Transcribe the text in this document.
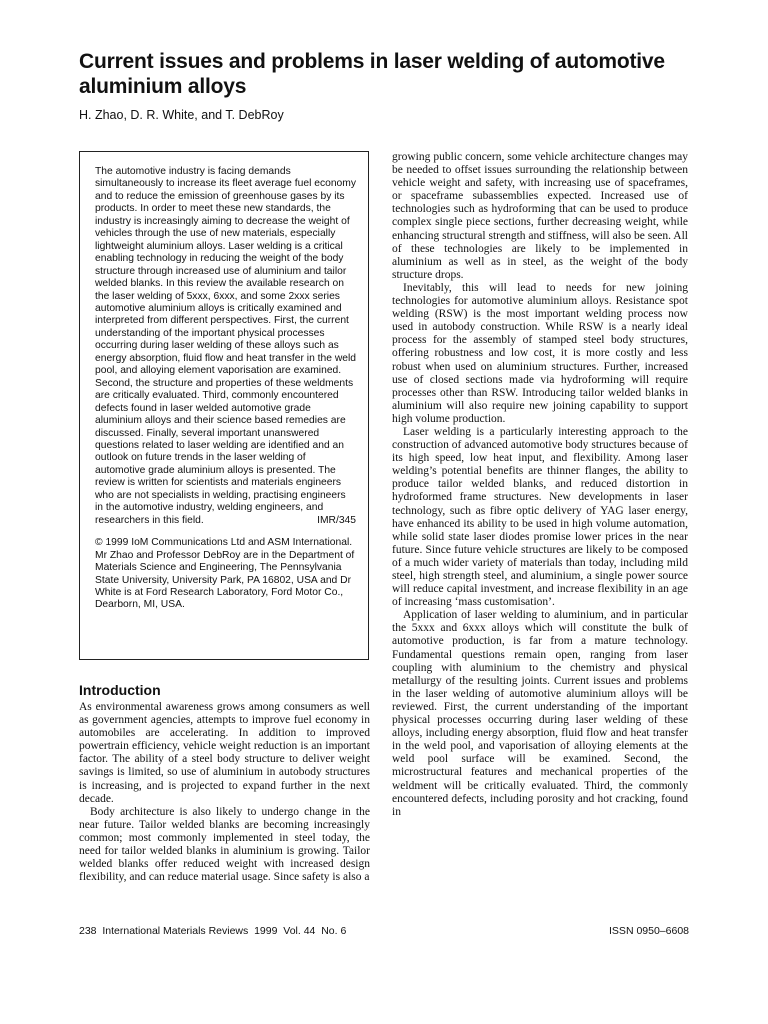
Current issues and problems in laser welding of automotive aluminium alloys
H. Zhao, D. R. White, and T. DebRoy

The automotive industry is facing demands simultaneously to increase its fleet average fuel economy and to reduce the emission of greenhouse gases by its products. In order to meet these new standards, the industry is increasingly aiming to decrease the weight of vehicles through the use of new materials, especially lightweight aluminium alloys. Laser welding is a critical enabling technology in reducing the weight of the body structure through increased use of aluminium and tailor welded blanks. In this review the available research on the laser welding of 5xxx, 6xxx, and some 2xxx series automotive aluminium alloys is critically examined and interpreted from different perspectives. First, the current understanding of the important physical processes occurring during laser welding of these alloys such as energy absorption, fluid flow and heat transfer in the weld pool, and alloying element vaporisation are examined. Second, the structure and properties of these weldments are critically evaluated. Third, commonly encountered defects found in laser welded automotive grade aluminium alloys and their science based remedies are discussed. Finally, several important unanswered questions related to laser welding are identified and an outlook on future trends in the laser welding of automotive grade aluminium alloys is presented. The review is written for scientists and materials engineers who are not specialists in welding, practising engineers in the automotive industry, welding engineers, and researchers in this field.	IMR/345

© 1999 IoM Communications Ltd and ASM International. Mr Zhao and Professor DebRoy are in the Department of Materials Science and Engineering, The Pennsylvania State University, University Park, PA 16802, USA and Dr White is at Ford Research Laboratory, Ford Motor Co., Dearborn, MI, USA.

Introduction

As environmental awareness grows among consumers as well as government agencies, attempts to improve fuel economy in automobiles are accelerating. In addition to improved powertrain efficiency, vehicle weight reduction is an important factor. The ability of a steel body structure to deliver weight savings is limited, so use of aluminium in autobody structures is increasing, and is projected to expand further in the next decade.

Body architecture is also likely to undergo change in the near future. Tailor welded blanks are becoming increasingly common; most commonly implemented in steel today, the need for tailor welded blanks in aluminium is growing. Tailor welded blanks offer reduced weight with increased design flexibility, and can reduce material usage. Since safety is also a

growing public concern, some vehicle architecture changes may be needed to offset issues surrounding the relationship between vehicle weight and safety, with increasing use of spaceframes, or spaceframe subassemblies expected. Increased use of technologies such as hydroforming that can be used to produce complex single piece sections, further decreasing weight, while enhancing structural strength and stiffness, will also be seen. All of these technologies are likely to be implemented in aluminium as well as in steel, as the weight of the body structure drops.

Inevitably, this will lead to needs for new joining technologies for automotive aluminium alloys. Resistance spot welding (RSW) is the most important welding process now used in autobody construction. While RSW is a nearly ideal process for the assembly of stamped steel body structures, offering robustness and low cost, it is more costly and less robust when used on aluminium structures. Further, increased use of closed sections made via hydroforming will require processes other than RSW. Introducing tailor welded blanks in aluminium will also require new joining capability to support high volume production.

Laser welding is a particularly interesting approach to the construction of advanced automotive body structures because of its high speed, low heat input, and flexibility. Among laser welding’s potential benefits are thinner flanges, the ability to produce tailor welded blanks, and reduced distortion in hydroformed frame structures. New developments in laser technology, such as fibre optic delivery of YAG laser energy, have enhanced its ability to be used in high volume automation, while solid state laser diodes promise lower prices in the near future. Since future vehicle structures are likely to be composed of a much wider variety of materials than today, including mild steel, high strength steel, and aluminium, a single power source will reduce capital investment, and increase flexibility in an age of increasing ‘mass customisation’.

Application of laser welding to aluminium, and in particular the 5xxx and 6xxx alloys which will constitute the bulk of automotive production, is far from a mature technology. Fundamental questions remain open, ranging from laser coupling with aluminium to the chemistry and physical metallurgy of the resulting joints. Current issues and problems in the laser welding of automotive aluminium alloys will be reviewed. First, the current understanding of the important physical processes occurring during laser welding of these alloys, including energy absorption, fluid flow and heat transfer in the weld pool, and vaporisation of alloying elements at the weld pool surface will be examined. Second, the microstructural features and mechanical properties of the weldment will be critically evaluated. Third, the commonly encountered defects, including porosity and hot cracking, found in

238  International Materials Reviews  1999  Vol. 44  No. 6	ISSN 0950–6608
